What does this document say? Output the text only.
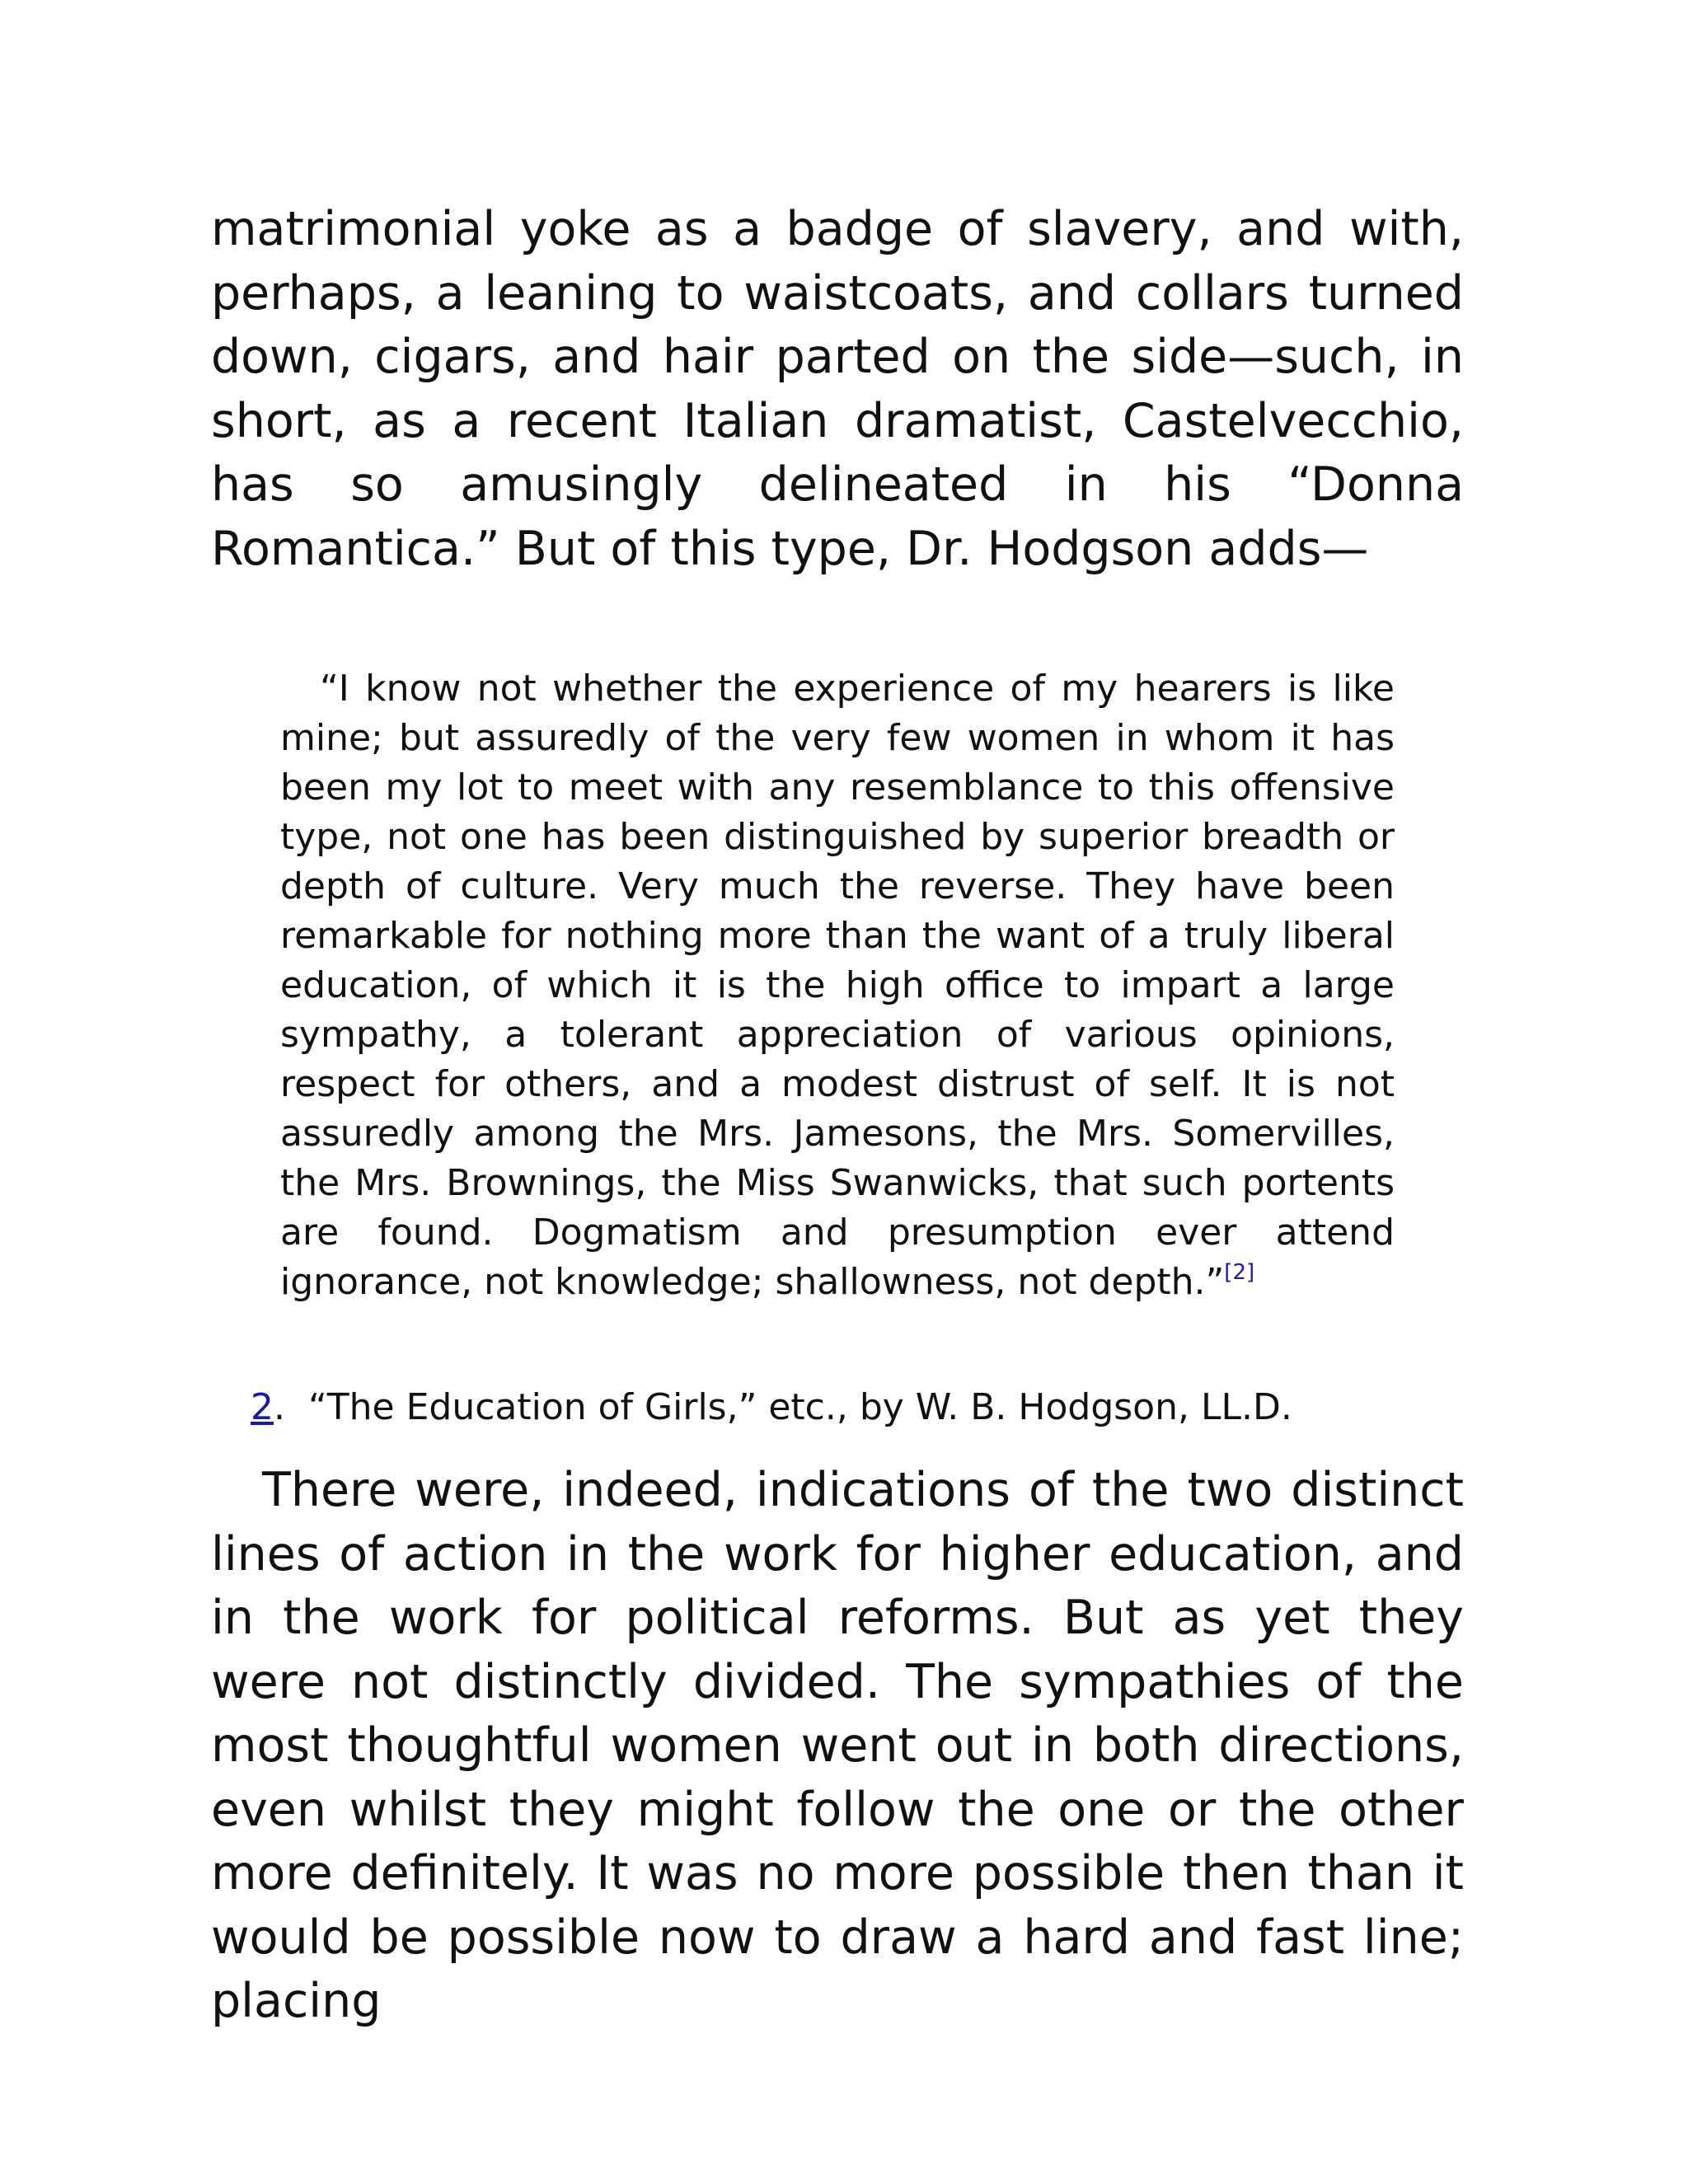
matrimonial yoke as a badge of slavery, and with, perhaps, a leaning to waistcoats, and collars turned down, cigars, and hair parted on the side—such, in short, as a recent Italian dramatist, Castelvecchio, has so amusingly delineated in his “Donna Romantica.” But of this type, Dr. Hodgson adds—

“I know not whether the experience of my hearers is like mine; but assuredly of the very few women in whom it has been my lot to meet with any resemblance to this offensive type, not one has been distinguished by superior breadth or depth of culture. Very much the reverse. They have been remarkable for nothing more than the want of a truly liberal education, of which it is the high office to impart a large sympathy, a tolerant appreciation of various opinions, respect for others, and a modest distrust of self. It is not assuredly among the Mrs. Jamesons, the Mrs. Somervilles, the Mrs. Brownings, the Miss Swanwicks, that such portents are found. Dogmatism and presumption ever attend ignorance, not knowledge; shallowness, not depth.”[2]

2. “The Education of Girls,” etc., by W. B. Hodgson, LL.D.

There were, indeed, indications of the two distinct lines of action in the work for higher education, and in the work for political reforms. But as yet they were not distinctly divided. The sympathies of the most thoughtful women went out in both directions, even whilst they might follow the one or the other more definitely. It was no more possible then than it would be possible now to draw a hard and fast line; placing
